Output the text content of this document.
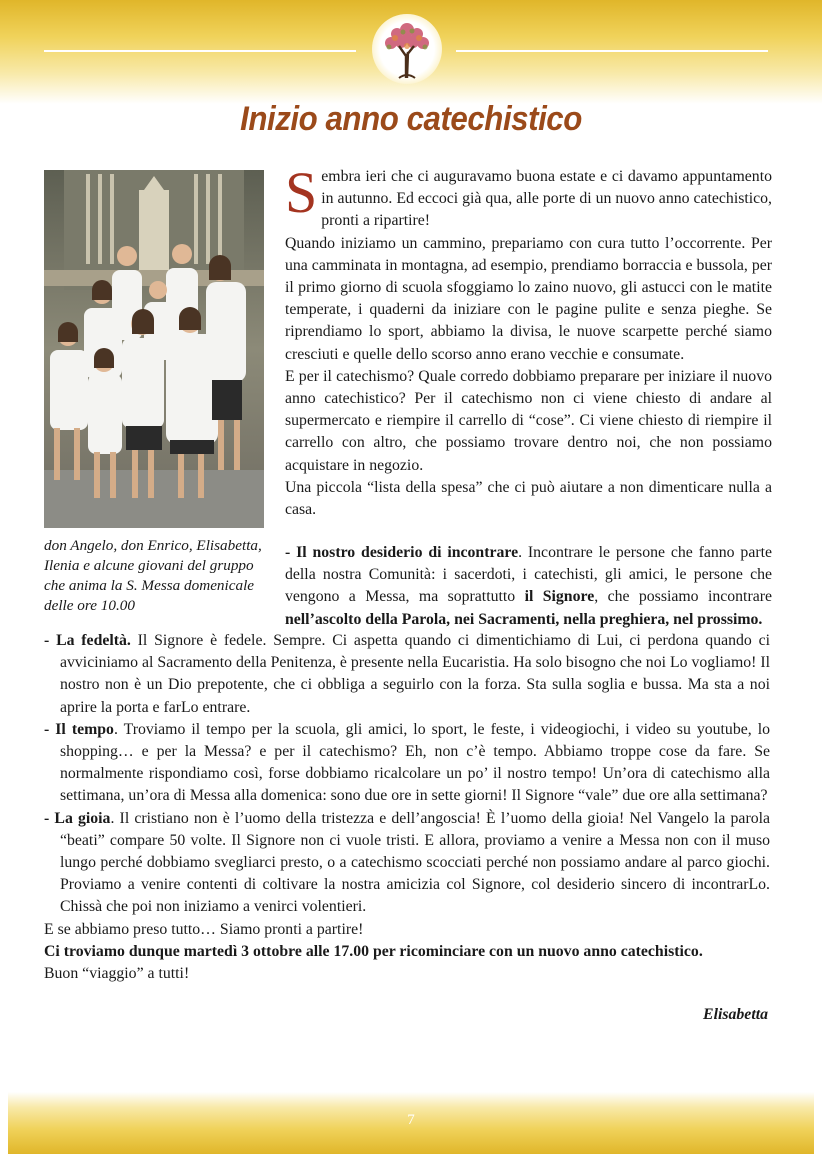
Inizio anno catechistico
don Angelo, don Enrico, Elisabetta, Ilenia e alcune giovani del gruppo che anima la S. Messa domenicale delle ore 10.00

Sembra ieri che ci auguravamo buona estate e ci davamo appuntamento in autunno. Ed eccoci già qua, alle porte di un nuovo anno catechistico, pronti a ripartire!

Quando iniziamo un cammino, prepariamo con cura tutto l’occorrente. Per una camminata in montagna, ad esempio, prendiamo borraccia e bussola, per il primo giorno di scuola sfoggiamo lo zaino nuovo, gli astucci con le matite temperate, i quaderni da iniziare con le pagine pulite e senza pieghe. Se riprendiamo lo sport, abbiamo la divisa, le nuove scarpette perché siamo cresciuti e quelle dello scorso anno erano vecchie e consumate.

E per il catechismo? Quale corredo dobbiamo preparare per iniziare il nuovo anno catechistico? Per il catechismo non ci viene chiesto di andare al supermercato e riempire il carrello di “cose”. Ci viene chiesto di riempire il carrello con altro, che possiamo trovare dentro noi, che non possiamo acquistare in negozio.

Una piccola “lista della spesa” che ci può aiutare a non dimenticare nulla a casa.

- Il nostro desiderio di incontrare. Incontrare le persone che fanno parte della nostra Comunità: i sacerdoti, i catechisti, gli amici, le persone che vengono a Messa, ma soprattutto il Signore, che possiamo incontrare nell’ascolto della Parola, nei Sacramenti, nella preghiera, nel prossimo.

- La fedeltà. Il Signore è fedele. Sempre. Ci aspetta quando ci dimentichiamo di Lui, ci perdona quando ci avviciniamo al Sacramento della Penitenza, è presente nella Eucaristia. Ha solo bisogno che noi Lo vogliamo! Il nostro non è un Dio prepotente, che ci obbliga a seguirlo con la forza. Sta sulla soglia e bussa. Ma sta a noi aprire la porta e farLo entrare.

- Il tempo. Troviamo il tempo per la scuola, gli amici, lo sport, le feste, i videogiochi, i video su youtube, lo shopping… e per la Messa? e per il catechismo? Eh, non c’è tempo. Abbiamo troppe cose da fare. Se normalmente rispondiamo così, forse dobbiamo ricalcolare un po’ il nostro tempo! Un’ora di catechismo alla settimana, un’ora di Messa alla domenica: sono due ore in sette giorni! Il Signore “vale” due ore alla settimana?

- La gioia. Il cristiano non è l’uomo della tristezza e dell’angoscia! È l’uomo della gioia! Nel Vangelo la parola “beati” compare 50 volte. Il Signore non ci vuole tristi. E allora, proviamo a venire a Messa non con il muso lungo perché dobbiamo svegliarci presto, o a catechismo scocciati perché non possiamo andare al parco giochi. Proviamo a venire contenti di coltivare la nostra amicizia col Signore, col desiderio sincero di incontrarLo. Chissà che poi non iniziamo a venirci volentieri.

E se abbiamo preso tutto… Siamo pronti a partire!

Ci troviamo dunque martedì 3 ottobre alle 17.00 per ricominciare con un nuovo anno catechistico.

Buon “viaggio” a tutti!

Elisabetta
7
